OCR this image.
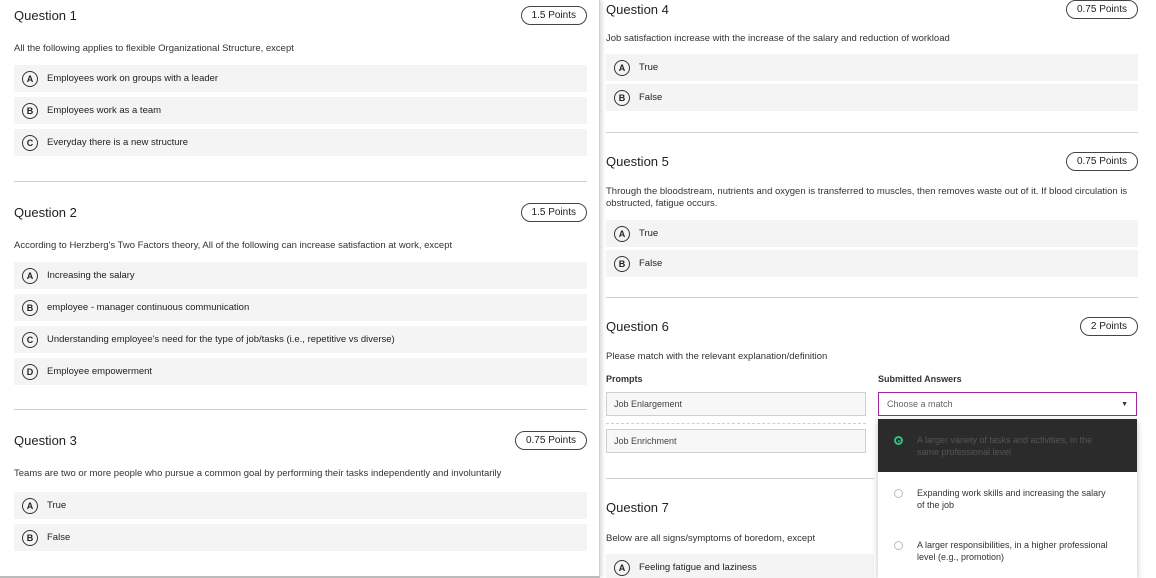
Question 1	1.5 Points
All the following applies to flexible Organizational Structure, except
A	Employees work on groups with a leader
B	Employees work as a team
C	Everyday there is a new structure
Question 2	1.5 Points
According to Herzberg's Two Factors theory, All of the following can increase satisfaction at work, except
A	Increasing the salary
B	employee - manager continuous communication
C	Understanding employee's need for the type of job/tasks (i.e., repetitive vs diverse)
D	Employee empowerment
Question 3	0.75 Points
Teams are two or more people who pursue a common goal by performing their tasks independently and involuntarily
A	True
B	False
Question 4	0.75 Points
Job satisfaction increase with the increase of the salary and reduction of workload
A	True
B	False
Question 5	0.75 Points
Through the bloodstream, nutrients and oxygen is transferred to muscles, then removes waste out of it. If blood circulation is obstructed, fatigue occurs.
A	True
B	False
Question 6	2 Points
Please match with the relevant explanation/definition
Prompts	Submitted Answers
Job Enlargement	Choose a match	▼
Job Enrichment
Question 7
Below are all signs/symptoms of boredom, except
A	Feeling fatigue and laziness
A larger variety of tasks and activities, in the same professional level
Expanding work skills and increasing the salary of the job
A larger responsibilities, in a higher professional level (e.g., promotion)
